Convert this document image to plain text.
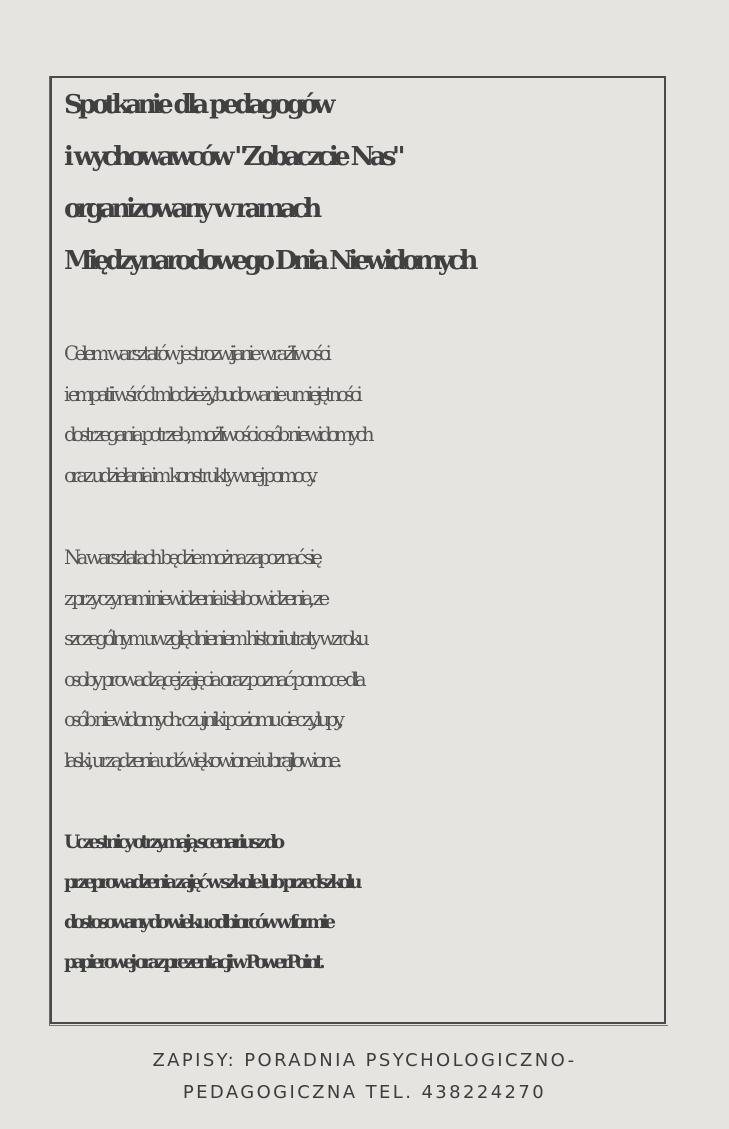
Spotkanie dla pedagogów
i wychowawców "Zobaczcie Nas"
organizowany w ramach
Międzynarodowego Dnia Niewidomych

Celem warsztatów jest rozwijanie wrażliwości
i empatii wśród młodzieży, budowanie umiejętności
dostrzegania potrzeb, możliwości osób niewidomych
oraz udzielania im konstruktywnej pomocy.

Na warsztatach będzie można zapoznać się
z przyczynami niewidzenia i słabowidzenia, ze
szczególnym uwzględnieniem historii utraty wzroku
osoby prowadzącej zajęcia oraz poznać pomoce dla
osób niewidomych: czujniki poziomu cieczy, lupy,
laski, urządzenia udźwiękowione i ubrajlowione.

Uczestnicy otrzymają scenariusz do
przeprowadzenia zajęć w szkole lub przedszkolu
dostosowany do wieku odbiorców w formie
papierowej oraz prezentacji w PowerPoint.

ZAPISY: PORADNIA PSYCHOLOGICZNO-
PEDAGOGICZNA TEL. 438224270
